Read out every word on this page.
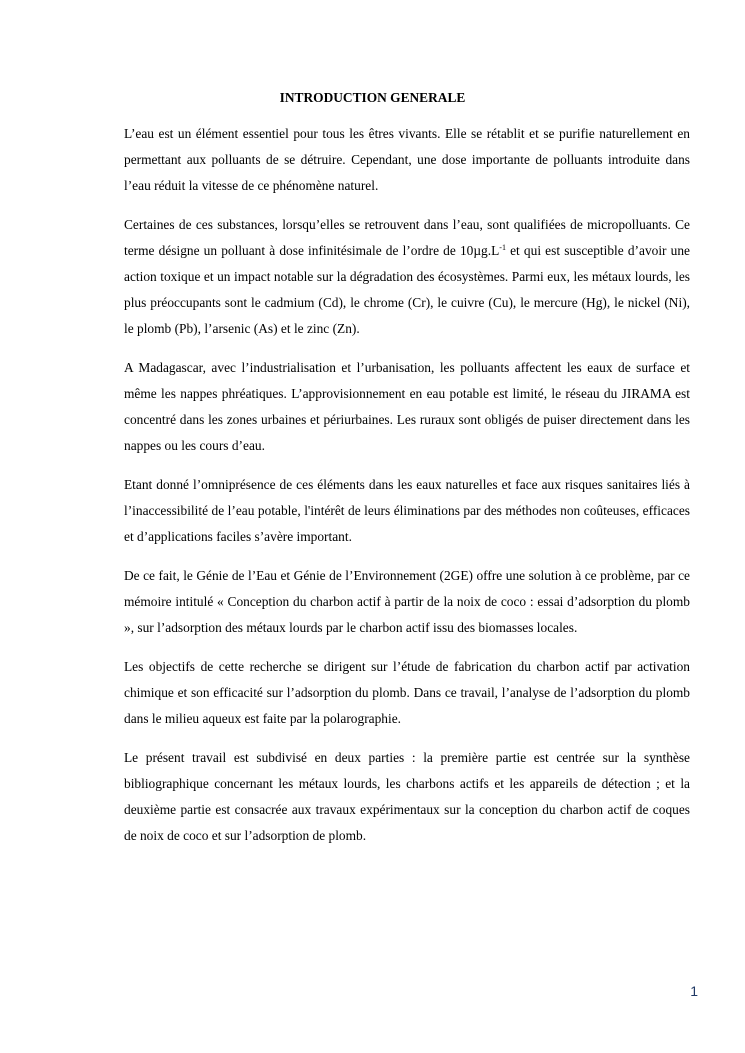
INTRODUCTION GENERALE

L’eau est un élément essentiel pour tous les êtres vivants. Elle se rétablit et se purifie naturellement en permettant aux polluants de se détruire. Cependant, une dose importante de polluants introduite dans l’eau réduit la vitesse de ce phénomène naturel.

Certaines de ces substances, lorsqu’elles se retrouvent dans l’eau, sont qualifiées de micropolluants. Ce terme désigne un polluant à dose infinitésimale de l’ordre de $10\mu g.L^{-1}$ et qui est susceptible d’avoir une action toxique et un impact notable sur la dégradation des écosystèmes. Parmi eux, les métaux lourds, les plus préoccupants sont le cadmium (Cd), le chrome (Cr), le cuivre (Cu), le mercure (Hg), le nickel (Ni), le plomb (Pb), l’arsenic (As) et le zinc (Zn).

A Madagascar, avec l’industrialisation et l’urbanisation, les polluants affectent les eaux de surface et même les nappes phréatiques. L’approvisionnement en eau potable est limité, le réseau du JIRAMA est concentré dans les zones urbaines et périurbaines. Les ruraux sont obligés de puiser directement dans les nappes ou les cours d’eau.

Etant donné l’omniprésence de ces éléments dans les eaux naturelles et face aux risques sanitaires liés à l’inaccessibilité de l’eau potable, l'intérêt de leurs éliminations par des méthodes non coûteuses, efficaces et d’applications faciles s’avère important.

De ce fait, le Génie de l’Eau et Génie de l’Environnement (2GE) offre une solution à ce problème, par ce mémoire intitulé « Conception du charbon actif à partir de la noix de coco : essai d’adsorption du plomb », sur l’adsorption des métaux lourds par le charbon actif issu des biomasses locales.

Les objectifs de cette recherche se dirigent sur l’étude de fabrication du charbon actif par activation chimique et son efficacité sur l’adsorption du plomb. Dans ce travail, l’analyse de l’adsorption du plomb dans le milieu aqueux est faite par la polarographie.

Le présent travail est subdivisé en deux parties : la première partie est centrée sur la synthèse bibliographique concernant les métaux lourds, les charbons actifs et les appareils de détection ; et la deuxième partie est consacrée aux travaux expérimentaux sur la conception du charbon actif de coques de noix de coco et sur l’adsorption de plomb.

1
